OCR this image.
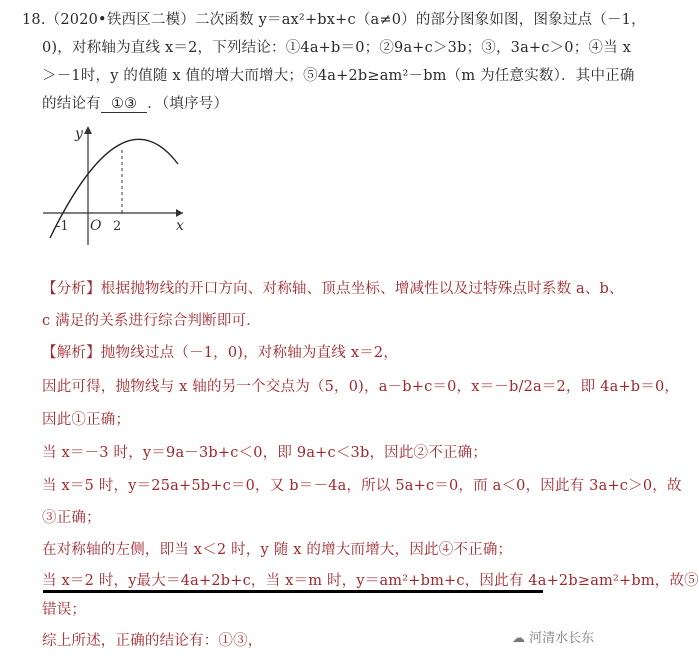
18.（2020•铁西区二模）二次函数 y＝ax²+bx+c（a≠0）的部分图象如图，图象过点（－1，
0)，对称轴为直线 x＝2，下列结论：①4a+b＝0；②9a+c＞3b；③，3a+c＞0；④当 x
＞－1时，y 的值随 x 值的增大而增大；⑤4a+2b≥am²－bm（m 为任意实数）．其中正确
的结论有 ①③ ．（填序号）
y
x
-1 O 2
【分析】根据抛物线的开口方向、对称轴、顶点坐标、增减性以及过特殊点时系数 a、b、
c 满足的关系进行综合判断即可．
【解析】抛物线过点（－1，0)，对称轴为直线 x＝2，
因此可得，抛物线与 x 轴的另一个交点为（5，0)，a－b+c＝0，x＝－b/2a＝2，即 4a+b＝0，
因此①正确；
当 x＝－3 时，y＝9a－3b+c＜0，即 9a+c＜3b，因此②不正确；
当 x＝5 时，y＝25a+5b+c＝0，又 b＝－4a，所以 5a+c＝0，而 a＜0，因此有 3a+c＞0，故
③正确；
在对称轴的左侧，即当 x＜2 时，y 随 x 的增大而增大，因此④不正确；
当 x＝2 时，y最大＝4a+2b+c，当 x＝m 时，y＝am²+bm+c，因此有 4a+2b≥am²+bm，故⑤
错误；
综上所述，正确的结论有：①③，	☁ 河清水长东
